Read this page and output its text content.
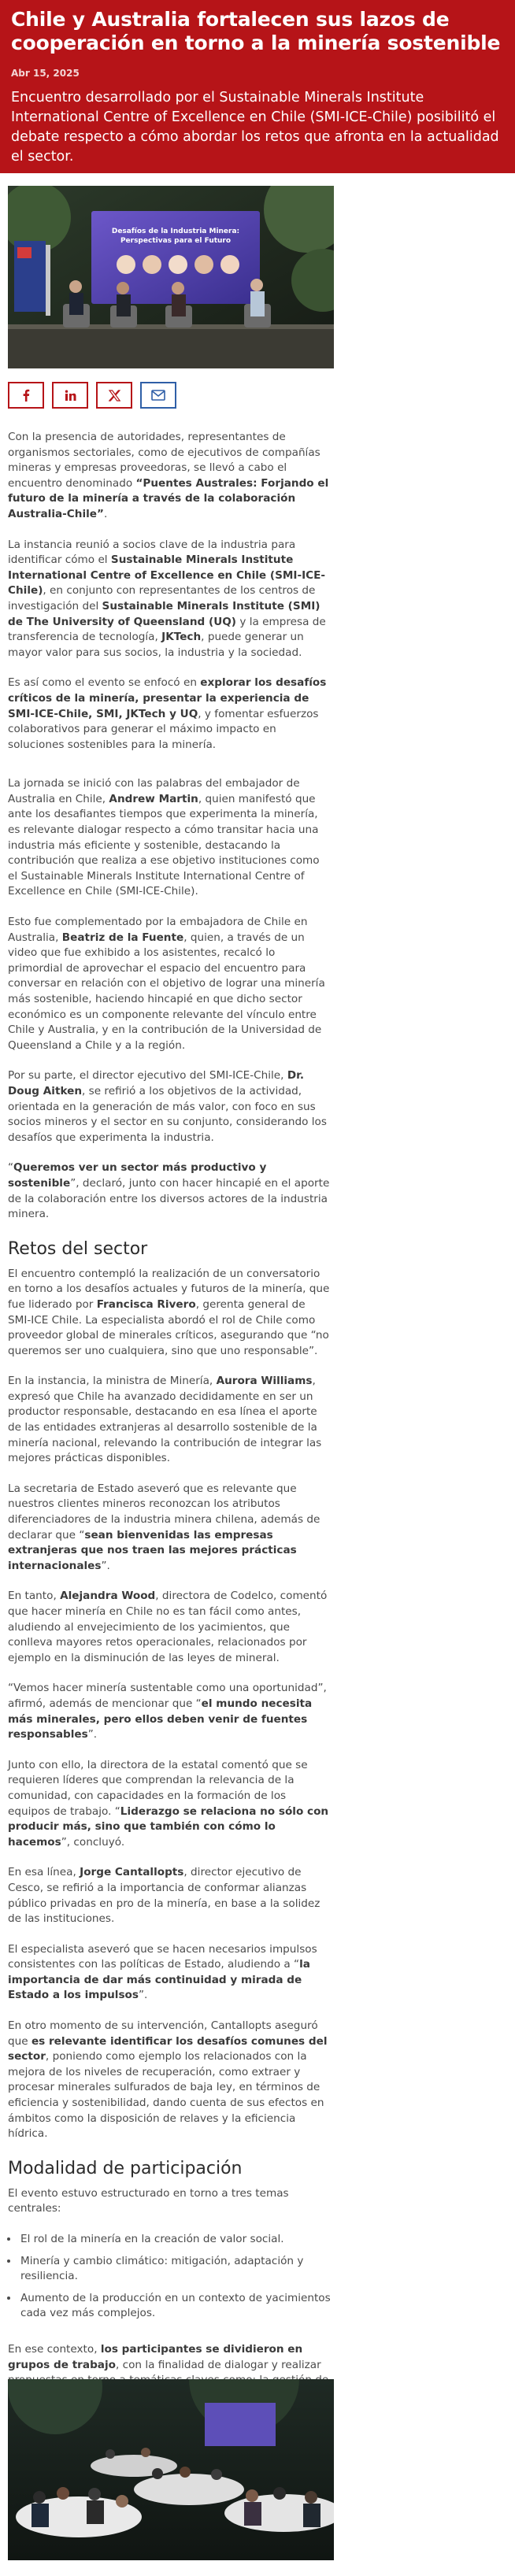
Chile y Australia fortalecen sus lazos de cooperación en torno a la minería sostenible
Abr 15, 2025
Encuentro desarrollado por el Sustainable Minerals Institute International Centre of Excellence en Chile (SMI-ICE-Chile) posibilitó el debate respecto a cómo abordar los retos que afronta en la actualidad el sector.
Desafíos de la Industria Minera:
Perspectivas para el Futuro

Con la presencia de autoridades, representantes de organismos sectoriales, como de ejecutivos de compañías mineras y empresas proveedoras, se llevó a cabo el encuentro denominado “Puentes Australes: Forjando el futuro de la minería a través de la colaboración Australia-Chile”.

La instancia reunió a socios clave de la industria para identificar cómo el Sustainable Minerals Institute International Centre of Excellence en Chile (SMI-ICE-Chile), en conjunto con representantes de los centros de investigación del Sustainable Minerals Institute (SMI) de The University of Queensland (UQ) y la empresa de transferencia de tecnología, JKTech, puede generar un mayor valor para sus socios, la industria y la sociedad.

Es así como el evento se enfocó en explorar los desafíos críticos de la minería, presentar la experiencia de SMI-ICE-Chile, SMI, JKTech y UQ, y fomentar esfuerzos colaborativos para generar el máximo impacto en soluciones sostenibles para la minería.

La jornada se inició con las palabras del embajador de Australia en Chile, Andrew Martin, quien manifestó que ante los desafiantes tiempos que experimenta la minería, es relevante dialogar respecto a cómo transitar hacia una industria más eficiente y sostenible, destacando la contribución que realiza a ese objetivo instituciones como el Sustainable Minerals Institute International Centre of Excellence en Chile (SMI-ICE-Chile).

Esto fue complementado por la embajadora de Chile en Australia, Beatriz de la Fuente, quien, a través de un video que fue exhibido a los asistentes, recalcó lo primordial de aprovechar el espacio del encuentro para conversar en relación con el objetivo de lograr una minería más sostenible, haciendo hincapié en que dicho sector económico es un componente relevante del vínculo entre Chile y Australia, y en la contribución de la Universidad de Queensland a Chile y a la región.

Por su parte, el director ejecutivo del SMI-ICE-Chile, Dr. Doug Aitken, se refirió a los objetivos de la actividad, orientada en la generación de más valor, con foco en sus socios mineros y el sector en su conjunto, considerando los desafíos que experimenta la industria.

“Queremos ver un sector más productivo y sostenible”, declaró, junto con hacer hincapié en el aporte de la colaboración entre los diversos actores de la industria minera.

Retos del sector

El encuentro contempló la realización de un conversatorio en torno a los desafíos actuales y futuros de la minería, que fue liderado por Francisca Rivero, gerenta general de SMI-ICE Chile. La especialista abordó el rol de Chile como proveedor global de minerales críticos, asegurando que “no queremos ser uno cualquiera, sino que uno responsable”.

En la instancia, la ministra de Minería, Aurora Williams, expresó que Chile ha avanzado decididamente en ser un productor responsable, destacando en esa línea el aporte de las entidades extranjeras al desarrollo sostenible de la minería nacional, relevando la contribución de integrar las mejores prácticas disponibles.

La secretaria de Estado aseveró que es relevante que nuestros clientes mineros reconozcan los atributos diferenciadores de la industria minera chilena, además de declarar que “sean bienvenidas las empresas extranjeras que nos traen las mejores prácticas internacionales”.

En tanto, Alejandra Wood, directora de Codelco, comentó que hacer minería en Chile no es tan fácil como antes, aludiendo al envejecimiento de los yacimientos, que conlleva mayores retos operacionales, relacionados por ejemplo en la disminución de las leyes de mineral.

“Vemos hacer minería sustentable como una oportunidad”, afirmó, además de mencionar que “el mundo necesita más minerales, pero ellos deben venir de fuentes responsables”.

Junto con ello, la directora de la estatal comentó que se requieren líderes que comprendan la relevancia de la comunidad, con capacidades en la formación de los equipos de trabajo. “Liderazgo se relaciona no sólo con producir más, sino que también con cómo lo hacemos”, concluyó.

En esa línea, Jorge Cantallopts, director ejecutivo de Cesco, se refirió a la importancia de conformar alianzas público privadas en pro de la minería, en base a la solidez de las instituciones.

El especialista aseveró que se hacen necesarios impulsos consistentes con las políticas de Estado, aludiendo a “la importancia de dar más continuidad y mirada de Estado a los impulsos”.

En otro momento de su intervención, Cantallopts aseguró que es relevante identificar los desafíos comunes del sector, poniendo como ejemplo los relacionados con la mejora de los niveles de recuperación, como extraer y procesar minerales sulfurados de baja ley, en términos de eficiencia y sostenibilidad, dando cuenta de sus efectos en ámbitos como la disposición de relaves y la eficiencia hídrica.

Modalidad de participación

El evento estuvo estructurado en torno a tres temas centrales:

• El rol de la minería en la creación de valor social.
• Minería y cambio climático: mitigación, adaptación y resiliencia.
• Aumento de la producción en un contexto de yacimientos cada vez más complejos.

En ese contexto, los participantes se dividieron en grupos de trabajo, con la finalidad de dialogar y realizar
